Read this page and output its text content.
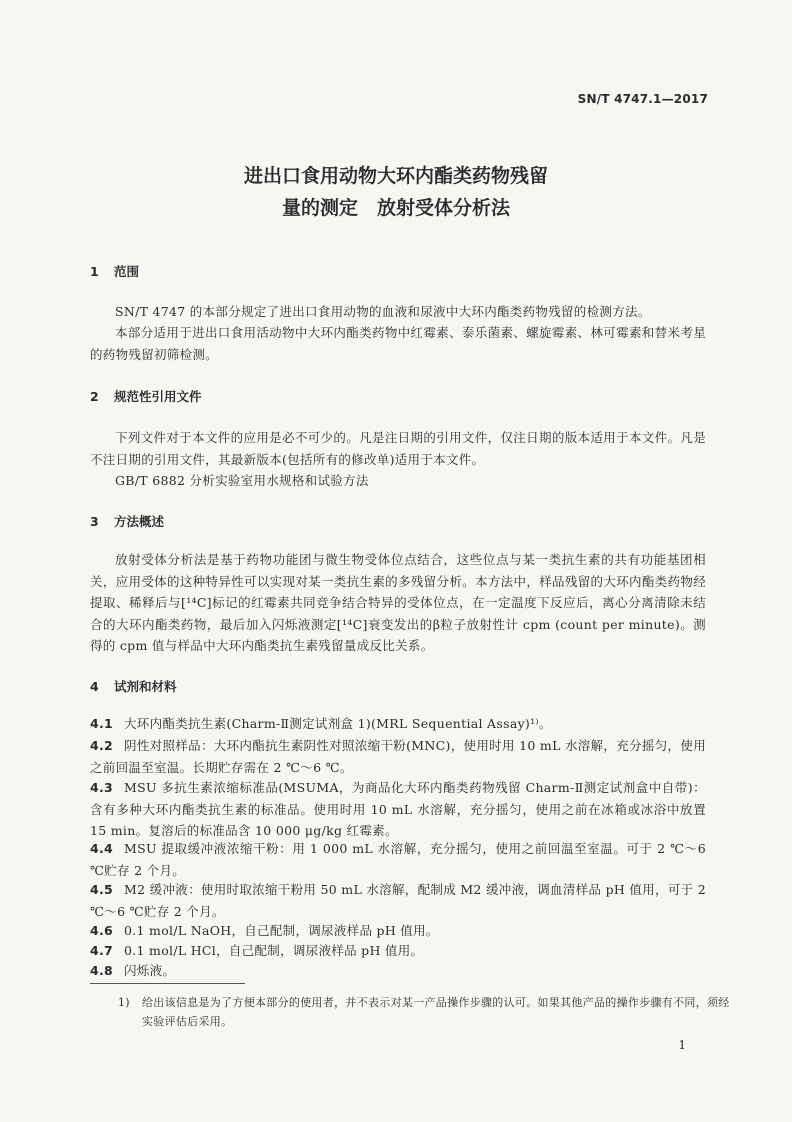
SN/T 4747.1—2017
进出口食用动物大环内酯类药物残留
量的测定　放射受体分析法
1 范围
SN/T 4747 的本部分规定了进出口食用动物的血液和尿液中大环内酯类药物残留的检测方法。
本部分适用于进出口食用活动物中大环内酯类药物中红霉素、泰乐菌素、螺旋霉素、林可霉素和替米考星的药物残留初筛检测。
2 规范性引用文件
下列文件对于本文件的应用是必不可少的。凡是注日期的引用文件，仅注日期的版本适用于本文件。凡是不注日期的引用文件，其最新版本(包括所有的修改单)适用于本文件。
GB/T 6882 分析实验室用水规格和试验方法
3 方法概述
放射受体分析法是基于药物功能团与微生物受体位点结合，这些位点与某一类抗生素的共有功能基团相关，应用受体的这种特异性可以实现对某一类抗生素的多残留分析。本方法中，样品残留的大环内酯类药物经提取、稀释后与[¹⁴C]标记的红霉素共同竞争结合特异的受体位点，在一定温度下反应后，离心分离清除未结合的大环内酯类药物，最后加入闪烁液测定[¹⁴C]衰变发出的β粒子放射性计 cpm (count per minute)。测得的 cpm 值与样品中大环内酯类抗生素残留量成反比关系。
4 试剂和材料
4.1 大环内酯类抗生素(Charm-Ⅱ测定试剂盒 1)(MRL Sequential Assay)¹⁾。
4.2 阴性对照样品：大环内酯抗生素阴性对照浓缩干粉(MNC)，使用时用 10 mL 水溶解，充分摇匀，使用之前回温至室温。长期贮存需在 2 ℃～6 ℃。
4.3 MSU 多抗生素浓缩标准品(MSUMA，为商品化大环内酯类药物残留 Charm-Ⅱ测定试剂盒中自带)：含有多种大环内酯类抗生素的标准品。使用时用 10 mL 水溶解，充分摇匀，使用之前在冰箱或冰浴中放置 15 min。复溶后的标准品含 10 000 μg/kg 红霉素。
4.4 MSU 提取缓冲液浓缩干粉：用 1 000 mL 水溶解，充分摇匀，使用之前回温至室温。可于 2 ℃～6 ℃贮存 2 个月。
4.5 M2 缓冲液：使用时取浓缩干粉用 50 mL 水溶解，配制成 M2 缓冲液，调血清样品 pH 值用，可于 2 ℃～6 ℃贮存 2 个月。
4.6 0.1 mol/L NaOH，自己配制，调尿液样品 pH 值用。
4.7 0.1 mol/L HCl，自己配制，调尿液样品 pH 值用。
4.8 闪烁液。
1) 给出该信息是为了方便本部分的使用者，并不表示对某一产品操作步骤的认可。如果其他产品的操作步骤有不同，须经实验评估后采用。
1
